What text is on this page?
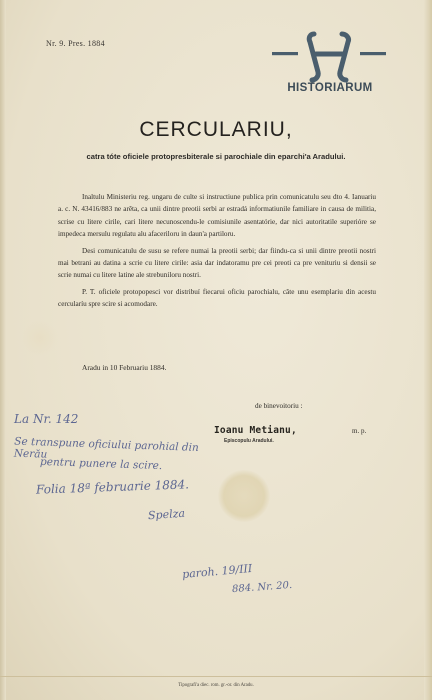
Nr. 9. Pres. 1884
HISTORIARUM
CERCULARIU,
catra tóte oficiele protopresbiterale si parochiale din eparchi'a Aradului.

Inaltulu Ministeriu reg. ungaru de culte si instructiune publica prin comunicatulu seu dto 4. Ianuariu a. c. N. 43416/883 ne arĕta, ca unii dintre preotii serbi ar estradá informatiunile familiare in causa de militia, scrise cu litere cirile, cari litere necunoscendu-le comisiunile asentatórie, dar nici autoritatile superióre se impedeca mersulu regulatu alu afaceriloru in daun'a partiloru.

Desi comunicatulu de susu se refere numai la preotii serbi; dar fiindu-ca si unii dintre preotii nostri mai betrani au datina a scrie cu litere cirile: asia dar indatoramu pre cei preoti ca pre venituriu si densii se scrie numai cu litere latine ale strebuniloru nostri.

P. T. oficiele protopopesci vor distribuí fiecarui oficiu parochialu, câte unu esemplariu din acestu cercularíu spre scire si acomodare.

Aradu in 10 Februariu 1884.
de binevoitoriu :
Ioanu Metianu,	m. p.
Episcopulu Aradului.
La Nr. 142
Se transpune oficiului parohial din Nerău
pentru punere la scire.
Folia 18ª februarie 1884.
Spelza
paroh. 19/III
884. Nr. 20.
Tipografi'a diec. rom. gr.-or. din Aradu.
